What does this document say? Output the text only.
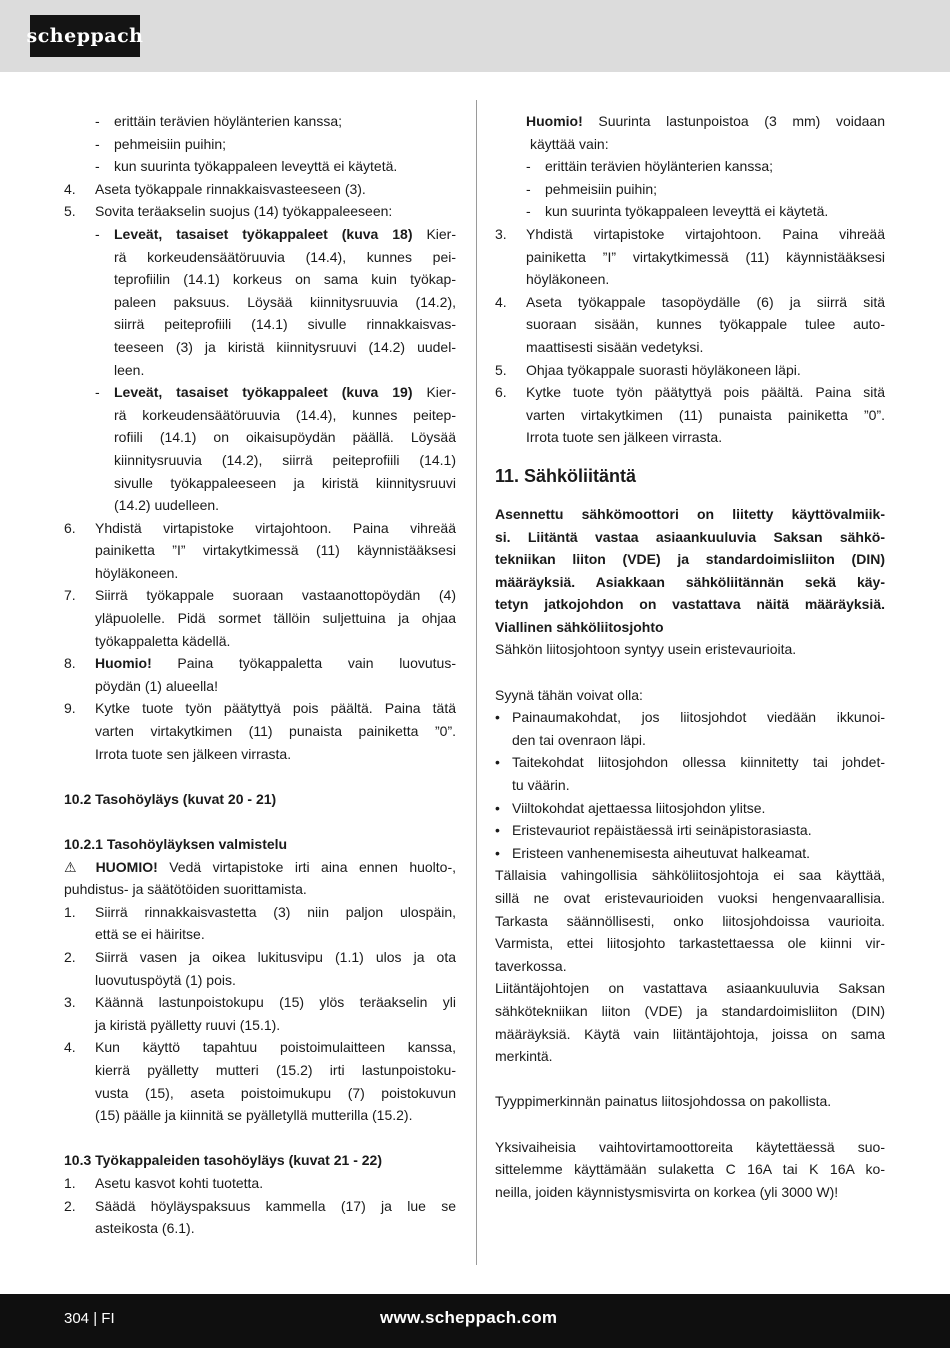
scheppach
-	erittäin terävien höylänterien kanssa;
-	pehmeisiin puihin;
-	kun suurinta työkappaleen leveyttä ei käytetä.
4.	Aseta työkappale rinnakkaisvasteeseen (3).
5.	Sovita teräakselin suojus (14) työkappaleeseen:
-	Leveät, tasaiset työkappaleet (kuva 18) Kier-
rä korkeudensäätöruuvia (14.4), kunnes pei-
teprofiilin (14.1) korkeus on sama kuin työkap-
paleen paksuus. Löysää kiinnitysruuvia (14.2),
siirrä peiteprofiili (14.1) sivulle rinnakkaisvas-
teeseen (3) ja kiristä kiinnitysruuvi (14.2) uudel-
leen.
-	Leveät, tasaiset työkappaleet (kuva 19) Kier-
rä korkeudensäätöruuvia (14.4), kunnes peitep-
rofiili (14.1) on oikaisupöydän päällä. Löysää
kiinnitysruuvia (14.2), siirrä peiteprofiili (14.1)
sivulle työkappaleeseen ja kiristä kiinnitysruuvi
(14.2) uudelleen.
6.	Yhdistä virtapistoke virtajohtoon. Paina vihreää
painiketta ”I” virtakytkimessä (11) käynnistääksesi
höyläkoneen.
7.	Siirrä työkappale suoraan vastaanottopöydän (4)
yläpuolelle. Pidä sormet tällöin suljettuina ja ohjaa
työkappaletta kädellä.
8.	Huomio! Paina työkappaletta vain luovutus-
pöydän (1) alueella!
9.	Kytke tuote työn päätyttyä pois päältä. Paina tätä
varten virtakytkimen (11) punaista painiketta ”0”.
Irrota tuote sen jälkeen virrasta.
10.2 Tasohöyläys (kuvat 20 - 21)
10.2.1 Tasohöyläyksen valmistelu
⚠ HUOMIO! Vedä virtapistoke irti aina ennen huolto-,
puhdistus- ja säätötöiden suorittamista.
1.	Siirrä rinnakkaisvastetta (3) niin paljon ulospäin,
että se ei häiritse.
2.	Siirrä vasen ja oikea lukitusvipu (1.1) ulos ja ota
luovutuspöytä (1) pois.
3.	Käännä lastunpoistokupu (15) ylös teräakselin yli
ja kiristä pyälletty ruuvi (15.1).
4.	Kun käyttö tapahtuu poistoimulaitteen kanssa,
kierrä pyälletty mutteri (15.2) irti lastunpoistoku-
vusta (15), aseta poistoimukupu (7) poistokuvun
(15) päälle ja kiinnitä se pyälletyllä mutterilla (15.2).
10.3 Työkappaleiden tasohöyläys (kuvat 21 - 22)
1.	Asetu kasvot kohti tuotetta.
2.	Säädä höyläyspaksuus kammella (17) ja lue se
asteikosta (6.1).
Huomio! Suurinta lastunpoistoa (3 mm) voidaan
käyttää vain:
-	erittäin terävien höylänterien kanssa;
-	pehmeisiin puihin;
-	kun suurinta työkappaleen leveyttä ei käytetä.
3.	Yhdistä virtapistoke virtajohtoon. Paina vihreää
painiketta ”I” virtakytkimessä (11) käynnistääksesi
höyläkoneen.
4.	Aseta työkappale tasopöydälle (6) ja siirrä sitä
suoraan sisään, kunnes työkappale tulee auto-
maattisesti sisään vedetyksi.
5.	Ohjaa työkappale suorasti höyläkoneen läpi.
6.	Kytke tuote työn päätyttyä pois päältä. Paina sitä
varten virtakytkimen (11) punaista painiketta ”0”.
Irrota tuote sen jälkeen virrasta.
11. Sähköliitäntä
Asennettu sähkömoottori on liitetty käyttövalmiik-
si. Liitäntä vastaa asiaankuuluvia Saksan sähkö-
tekniikan liiton (VDE) ja standardoimisliiton (DIN)
määräyksiä. Asiakkaan sähköliitännän sekä käy-
tetyn jatkojohdon on vastattava näitä määräyksiä.
Viallinen sähköliitosjohto
Sähkön liitosjohtoon syntyy usein eristevaurioita.
Syynä tähän voivat olla:
• Painaumakohdat, jos liitosjohdot viedään ikkunoi-
den tai ovenraon läpi.
• Taitekohdat liitosjohdon ollessa kiinnitetty tai johdet-
tu väärin.
• Viiltokohdat ajettaessa liitosjohdon ylitse.
• Eristevauriot repäistäessä irti seinäpistorasiasta.
• Eristeen vanhenemisesta aiheutuvat halkeamat.
Tällaisia vahingollisia sähköliitosjohtoja ei saa käyttää,
sillä ne ovat eristevaurioiden vuoksi hengenvaarallisia.
Tarkasta säännöllisesti, onko liitosjohdoissa vaurioita.
Varmista, ettei liitosjohto tarkastettaessa ole kiinni vir-
taverkossa.
Liitäntäjohtojen on vastattava asiaankuuluvia Saksan
sähkötekniikan liiton (VDE) ja standardoimisliiton (DIN)
määräyksiä. Käytä vain liitäntäjohtoja, joissa on sama
merkintä.
Tyyppimerkinnän painatus liitosjohdossa on pakollista.
Yksivaiheisia vaihtovirtamoottoreita käytettäessä suo-
sittelemme käyttämään sulaketta C 16A tai K 16A ko-
neilla, joiden käynnistysmisvirta on korkea (yli 3000 W)!
304 | FI	www.scheppach.com
